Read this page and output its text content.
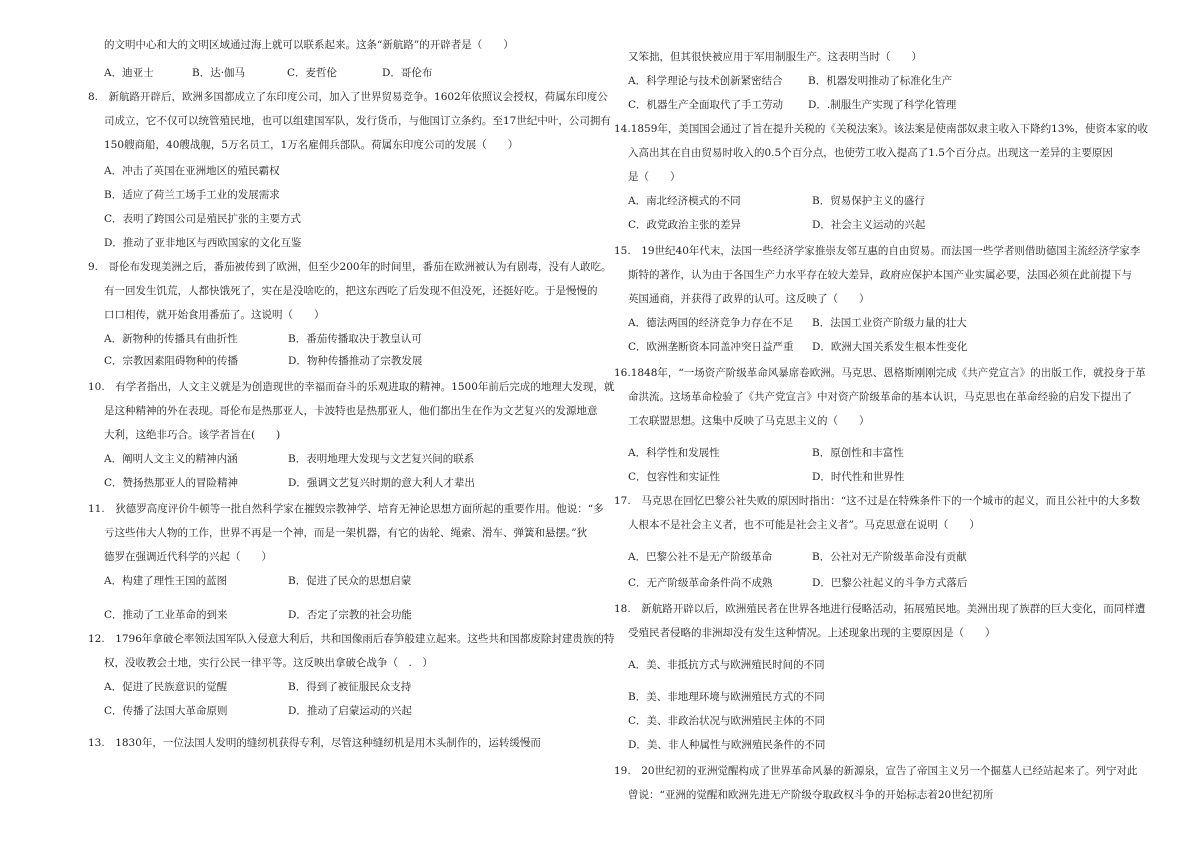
的文明中心和大的文明区域通过海上就可以联系起来。这条“新航路”的开辟者是（　　）
A．迪亚士	B．达·伽马	C．麦哲伦	D．哥伦布
8.　新航路开辟后，欧洲多国都成立了东印度公司，加入了世界贸易竞争。1602年依照议会授权，荷属东印度公
司成立，它不仅可以统管殖民地，也可以组建国军队，发行货币，与他国订立条约。至17世纪中叶，公司拥有
150艘商船，40艘战舰，5万名员工，1万名雇佣兵部队。荷属东印度公司的发展（　　）
A．冲击了英国在亚洲地区的殖民霸权
B．适应了荷兰工场手工业的发展需求
C．表明了跨国公司是殖民扩张的主要方式
D．推动了亚非地区与西欧国家的文化互鉴
9.　哥伦布发现美洲之后，番茄被传到了欧洲，但至少200年的时间里，番茄在欧洲被认为有剧毒，没有人敢吃。
有一回发生饥荒，人都快饿死了，实在是没啥吃的，把这东西吃了后发现不但没死，还挺好吃。于是慢慢的
口口相传，就开始食用番茄了。这说明（　　）
A．新物种的传播具有曲折性	B．番茄传播取决于教皇认可
C．宗教因素阻碍物种的传播	D．物种传播推动了宗教发展
10.　有学者指出，人文主义就是为创造现世的幸福而奋斗的乐观进取的精神。1500年前后完成的地理大发现，就
是这种精神的外在表现。哥伦布是热那亚人，卡波特也是热那亚人，他们都出生在作为文艺复兴的发源地意
大利，这绝非巧合。该学者旨在(　　)
A．阐明人文主义的精神内涵	B．表明地理大发现与文艺复兴间的联系
C．赞扬热那亚人的冒险精神	D．强调文艺复兴时期的意大利人才辈出
11.　狄德罗高度评价牛顿等一批自然科学家在摧毁宗教神学、培育无神论思想方面所起的重要作用。他说：“多
亏这些伟大人物的工作，世界不再是一个神，而是一架机器，有它的齿轮、绳索、滑车、弹簧和悬摆。”狄
德罗在强调近代科学的兴起（　　）
A．构建了理性王国的蓝图	B．促进了民众的思想启蒙
C．推动了工业革命的到来	D．否定了宗教的社会功能
12.　1796年拿破仑率领法国军队入侵意大利后，共和国像雨后春笋般建立起来。这些共和国都废除封建贵族的特
权，没收教会土地，实行公民一律平等。这反映出拿破仑战争（　.　）
A．促进了民族意识的觉醒	B．得到了被征服民众支持
C．传播了法国大革命原则	D．推动了启蒙运动的兴起
13.　1830年，一位法国人发明的缝纫机获得专利，尽管这种缝纫机是用木头制作的，运转缓慢而
又笨拙，但其很快被应用于军用制服生产。这表明当时（　　）
A．科学理论与技术创新紧密结合 B．机器发明推动了标准化生产
C．机器生产全面取代了手工劳动 D．.制服生产实现了科学化管理
14.1859年，美国国会通过了旨在提升关税的《关税法案》。该法案是使南部奴隶主收入下降约13%，使资本家的收
入高出其在自由贸易时收入的0.5个百分点，也使劳工收入提高了1.5个百分点。出现这一差异的主要原因
是（　　）
A．南北经济模式的不同	B．贸易保护主义的盛行
C．政党政治主张的差异	D．社会主义运动的兴起
15.　19世纪40年代末，法国一些经济学家推崇友邻互惠的自由贸易。而法国一些学者则借助德国主流经济学家李
斯特的著作，认为由于各国生产力水平存在较大差异，政府应保护本国产业实属必要，法国必须在此前提下与
英国通商，并获得了政界的认可。这反映了（　　）
A．德法两国的经济竞争力存在不足 B．法国工业资产阶级力量的壮大
C．欧洲垄断资本同盖冲突日益严重 D．欧洲大国关系发生根本性变化
16.1848年，“一场资产阶级革命风暴席卷欧洲。马克思、恩格斯刚刚完成《共产党宣言》的出版工作，就投身于革
命洪流。这场革命检验了《共产党宣言》中对资产阶级革命的基本认识，马克思也在革命经验的启发下提出了
工农联盟思想。这集中反映了马克思主义的（　　）
A．科学性和发展性	B．原创性和丰富性
C．包容性和实证性	D．时代性和世界性
17.　马克思在回忆巴黎公社失败的原因时指出：“这不过是在特殊条件下的一个城市的起义，而且公社中的大多数
人根本不是社会主义者，也不可能是社会主义者”。马克思意在说明（　　）
A．巴黎公社不是无产阶级革命	B．公社对无产阶级革命没有贡献
C．无产阶级革命条件尚不成熟	D．巴黎公社起义的斗争方式落后
18.　新航路开辟以后，欧洲殖民者在世界各地进行侵略活动，拓展殖民地。美洲出现了族群的巨大变化，而同样遭
受殖民者侵略的非洲却没有发生这种情况。上述现象出现的主要原因是（　　）
A．美、非抵抗方式与欧洲殖民时间的不同
B．美、非地理环境与欧洲殖民方式的不同
C．美、非政治状况与欧洲殖民主体的不同
D．美、非人种属性与欧洲殖民条件的不同
19.　20世纪初的亚洲觉醒构成了世界革命风暴的新源泉，宣告了帝国主义另一个掘墓人已经站起来了。列宁对此
曾说：“亚洲的觉醒和欧洲先进无产阶级夺取政权斗争的开始标志着20世纪初所
